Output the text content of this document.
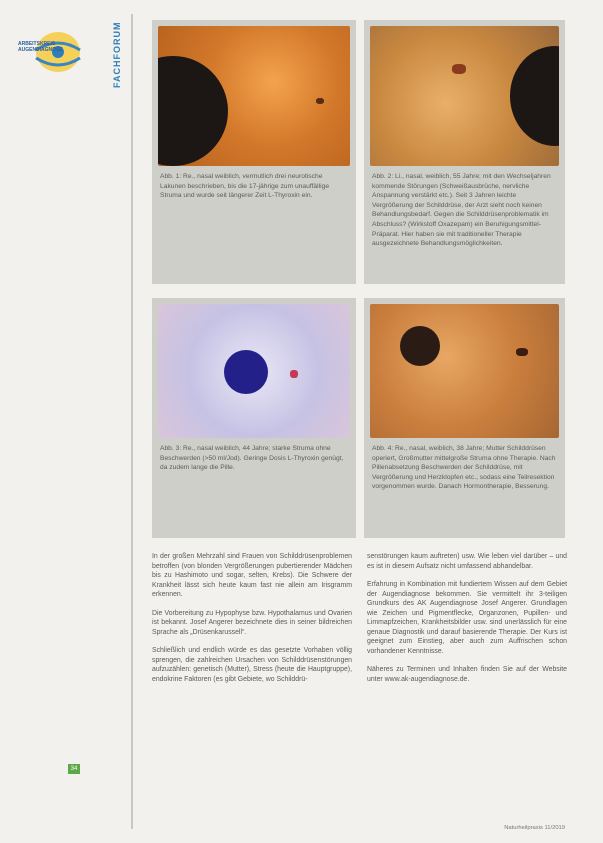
ARBEITSKREIS
AUGENDIAGNOSE	FACHFORUM
Abb. 1: Re., nasal weiblich, vermutlich drei neurotische Lakunen beschrieben, bis die 17-jährige zum unauffällige Struma und wurde seit längerer Zeit L-Thyroxin ein.
Abb. 2: Li., nasal, weiblich, 55 Jahre; mit den Wechseljahren kommende Störungen (Schweißausbrüche, nervliche Anspannung verstärkt etc.). Seit 3 Jahren leichte Vergrößerung der Schilddrüse, der Arzt sieht noch keinen Behandlungsbedarf. Gegen die Schilddrüsenproblematik im Abschluss? (Wirkstoff Oxazepam) ein Beruhigungsmittel-Präparat. Hier haben sie mit traditioneller Therapie ausgezeichnete Behandlungsmöglichkeiten.
Abb. 3: Re., nasal weiblich, 44 Jahre; starke Struma ohne Beschwerden (>50 ml/Jod). Geringe Dosis L-Thyroxin genügt, da zudem lange die Pille.
Abb. 4: Re., nasal, weiblich, 38 Jahre; Mutter Schilddrüsen operiert, Großmutter mittelgroße Struma ohne Therapie. Nach Pillenabsetzung Beschwerden der Schilddrüse, mit Vergrößerung und Herzklopfen etc., sodass eine Teilresektion vorgenommen wurde. Danach Hormontherapie, Besserung.

In der großen Mehrzahl sind Frauen von Schilddrüsenproblemen betroffen (von blonden Vergrößerungen pubertierender Mädchen bis zu Hashimoto und sogar, selten, Krebs). Die Schwere der Krankheit lässt sich heute kaum fast nie allein am Irisgramm erkennen.

Die Vorbereitung zu Hypophyse bzw. Hypothalamus und Ovarien ist bekannt. Josef Angerer bezeichnete dies in seiner bildreichen Sprache als „Drüsenkarussell“.

Schließlich und endlich würde es das gesetzte Vorhaben völlig sprengen, die zahlreichen Ursachen von Schilddrüsenstörungen aufzuzählen: genetisch (Mutter), Stress (heute die Hauptgruppe), endokrine Faktoren (es gibt Gebiete, wo Schilddrü-

senstörungen kaum auftreten) usw. Wie leben viel darüber – und es ist in diesem Aufsatz nicht umfassend abhandelbar.

Erfahrung in Kombination mit fundiertem Wissen auf dem Gebiet der Augendiagnose bekommen. Sie vermittelt ihr 3-teiligen Grundkurs des AK Augendiagnose Josef Angerer. Grundlagen wie Zeichen und Pigmentflecke, Organzonen, Pupillen- und Limmapfzeichen, Krankheitsbilder usw. sind unerlässlich für eine genaue Diagnostik und darauf basierende Therapie. Der Kurs ist geeignet zum Einstieg, aber auch zum Auffrischen schon vorhandener Kenntnisse.

Näheres zu Terminen und Inhalten finden Sie auf der Website unter www.ak-augendiagnose.de.

34
Naturheilpraxis 11/2019
